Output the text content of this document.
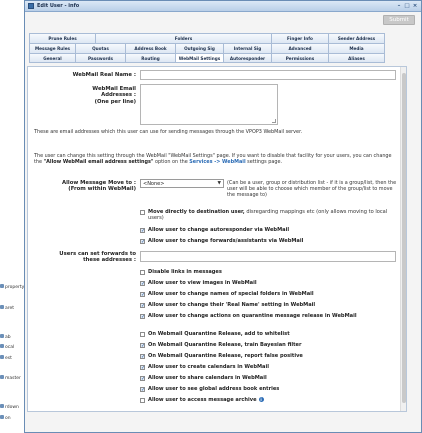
property
aret
ab
ocal
est
master
rdown
on
Edit User - info	– □ ×
Submit
Prune Rules	Folders	Finger Info	Sender Address
Message Rules	Quotas	Address Book	Outgoing Sig	Internal Sig	Advanced	Media
General	Passwords	Routing	WebMail Settings	Autoresponder	Permissions	Aliases
WebMail Real Name :
WebMail Email
Addresses :
(One per line)
These are email addresses which this user can use for sending messages through the VPOP3 WebMail server.
The user can change this setting through the WebMail "WebMail Settings" page. If you want to disable that facility for your users, you can change the "Allow WebMail email address settings" option on the Services -> WebMail settings page.
Allow Message Move to :
(From within WebMail)
<None>	▼ (Can be a user, group or distribution list - if it is a group/list, then the user will be able to choose which member of the group/list to move the message to)
Move directly to destination user, disregarding mappings etc (only allows moving to local users)
✓ Allow user to change autoresponder via WebMail
✓ Allow user to change forwards/assistants via WebMail
Users can set forwards to
these addresses :
Disable links in messages
✓ Allow user to view images in WebMail
✓ Allow user to change names of special folders in WebMail
✓ Allow user to change their 'Real Name' setting in WebMail
✓ Allow user to change actions on quarantine message release in WebMail
On Webmail Quarantine Release, add to whitelist
✓ On Webmail Quarantine Release, train Bayesian filter
✓ On Webmail Quarantine Release, report false positive
✓ Allow user to create calendars in WebMail
✓ Allow user to share calendars in WebMail
✓ Allow user to see global address book entries
Allow user to access message archive i
